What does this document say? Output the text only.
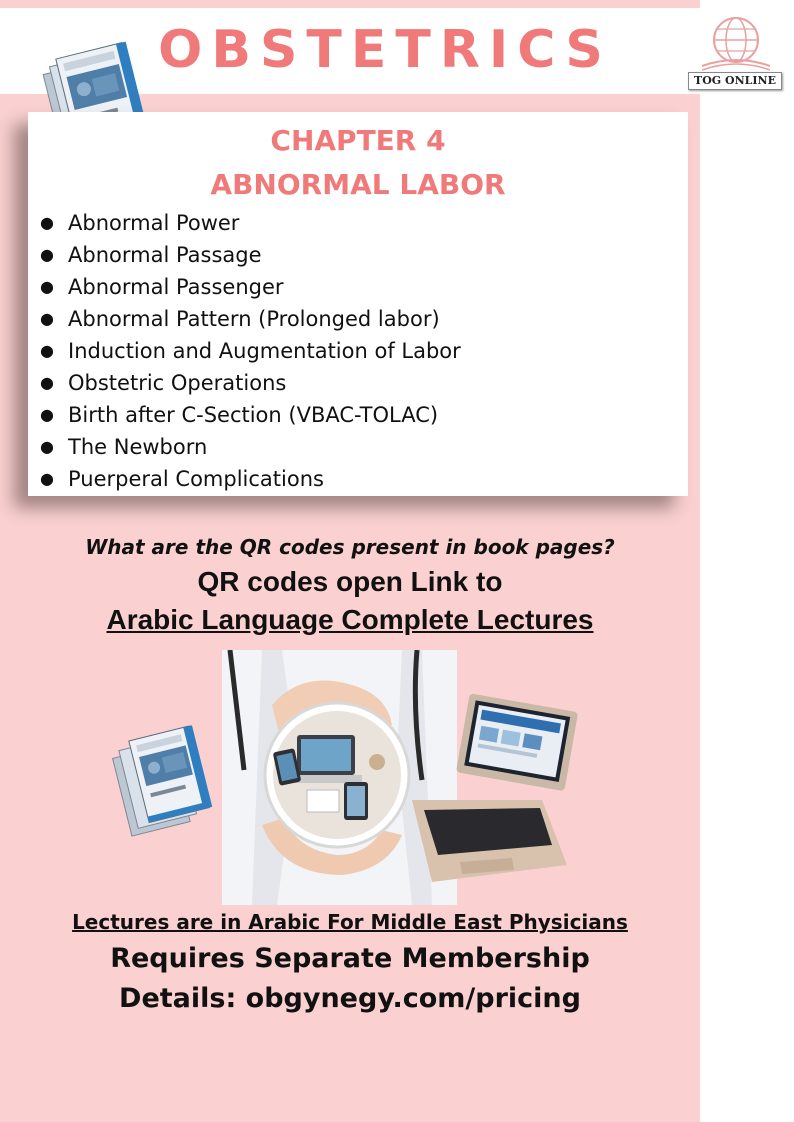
OBSTETRICS
TOG ONLINE
CHAPTER 4
ABNORMAL LABOR
● Abnormal Power
● Abnormal Passage
● Abnormal Passenger
● Abnormal Pattern (Prolonged labor)
● Induction and Augmentation of Labor
● Obstetric Operations
● Birth after C-Section (VBAC-TOLAC)
● The Newborn
● Puerperal Complications
What are the QR codes present in book pages?
QR codes open Link to
Arabic Language Complete Lectures
Lectures are in Arabic For Middle East Physicians
Requires Separate Membership
Details: obgynegy.com/pricing
